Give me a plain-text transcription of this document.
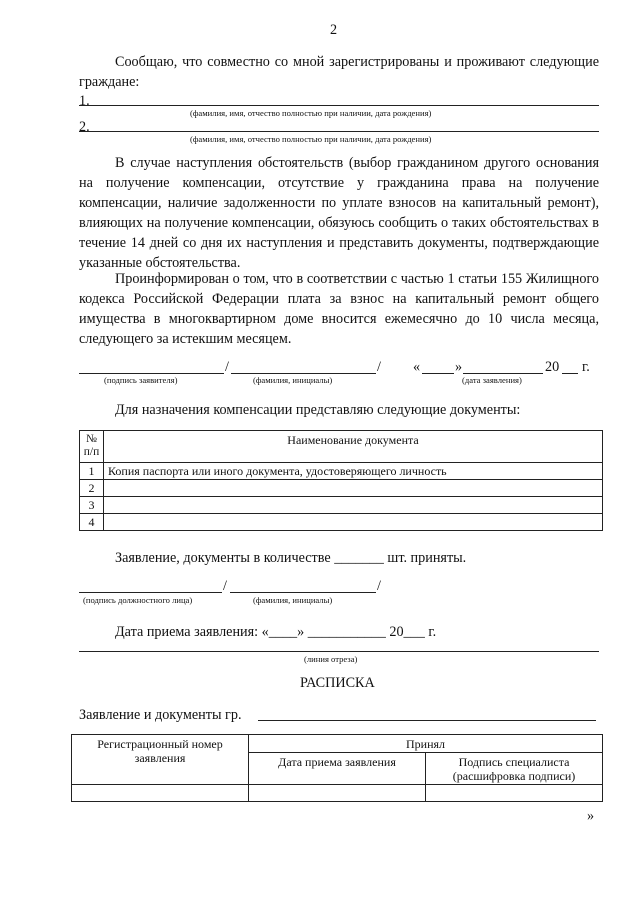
2
Сообщаю, что совместно со мной зарегистрированы и проживают следующие граждане:
1.
(фамилия, имя, отчество полностью при наличии, дата рождения)
2.
(фамилия, имя, отчество полностью при наличии, дата рождения)
В случае наступления обстоятельств (выбор гражданином другого основания на получение компенсации, отсутствие у гражданина права на получение компенсации, наличие задолженности по уплате взносов на капитальный ремонт), влияющих на получение компенсации, обязуюсь сообщить о таких обстоятельствах в течение 14 дней со дня их наступления и представить документы, подтверждающие указанные обстоятельства.
Проинформирован о том, что в соответствии с частью 1 статьи 155 Жилищного кодекса Российской Федерации плата за взнос на капитальный ремонт общего имущества в многоквартирном доме вносится ежемесячно до 10 числа месяца, следующего за истекшим месяцем.
/	/ « »	20 г.
(подпись заявителя)	(фамилия, инициалы)	(дата заявления)
Для назначения компенсации представляю следующие документы:
№ п/п	Наименование документа
1	Копия паспорта или иного документа, удостоверяющего личность
2	
3	
4	
Заявление, документы в количестве _______ шт. приняты.
/	/
(подпись должностного лица)	(фамилия, инициалы)
Дата приема заявления: «____» ___________ 20___ г.
(линия отреза)
РАСПИСКА
Заявление и документы гр.
Регистрационный номер заявления	Принял	
	Дата приема заявления	Подпись специалиста (расшифровка подписи)

»
